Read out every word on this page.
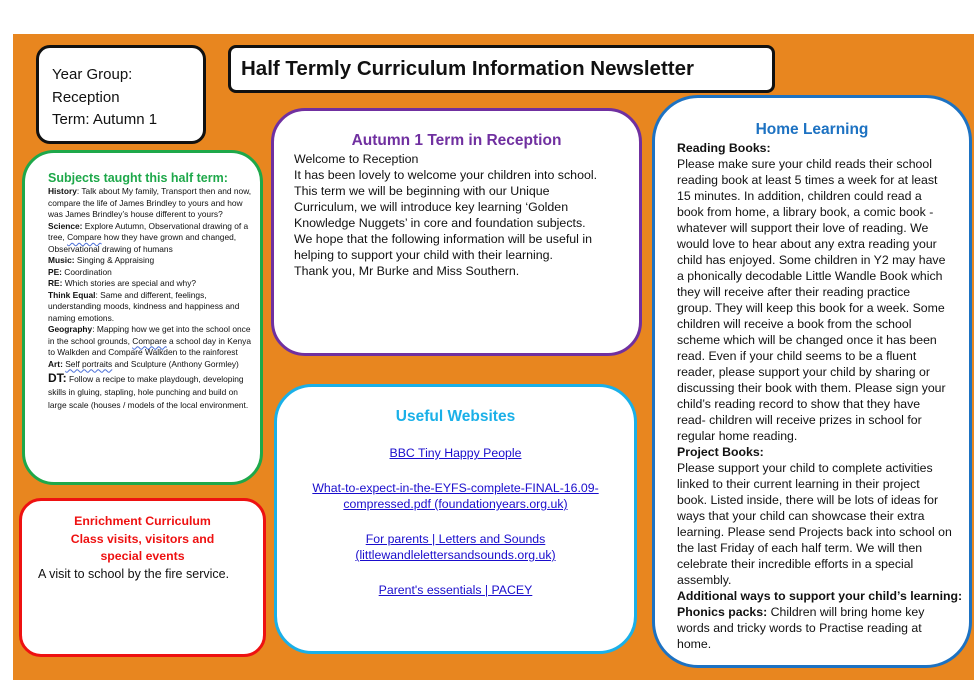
Year Group:
Reception
Term: Autumn 1
Half Termly Curriculum Information Newsletter
Subjects taught this half term:
History: Talk about My family, Transport then and now, compare the life of James Brindley to yours and how was James Brindley’s house different to yours?
Science: Explore Autumn, Observational drawing of a tree, Compare how they have grown and changed, Observational drawing of humans
Music: Singing & Appraising
PE: Coordination
RE: Which stories are special and why?
Think Equal: Same and different, feelings, understanding moods, kindness and happiness and naming emotions.
Geography: Mapping how we get into the school once in the school grounds, Compare a school day in Kenya to Walkden and Compare Walkden to the rainforest
Art: Self portraits and Sculpture (Anthony Gormley)
DT: Follow a recipe to make playdough, developing skills in gluing, stapling, hole punching and build on large scale (houses / models of the local environment.
Enrichment Curriculum
Class visits, visitors and special events
A visit to school by the fire service.
Autumn 1 Term in Reception

Welcome to Reception

It has been lovely to welcome your children into school.

This term we will be beginning with our Unique

Curriculum, we will introduce key learning ‘Golden

Knowledge Nuggets’ in core and foundation subjects.

We hope that the following information will be useful in

helping to support your child with their learning.

Thank you, Mr Burke and Miss Southern.

Useful Websites
BBC Tiny Happy People
What-to-expect-in-the-EYFS-complete-FINAL-16.09-
compressed.pdf (foundationyears.org.uk)
For parents | Letters and Sounds
(littlewandlelettersandsounds.org.uk)
Parent's essentials | PACEY
Home Learning

Reading Books:

Please make sure your child reads their school
reading book at least 5 times a week for at least
15 minutes. In addition, children could read a
book from home, a library book, a comic book -
whatever will support their love of reading. We
would love to hear about any extra reading your
child has enjoyed. Some children in Y2 may have
a phonically decodable Little Wandle Book which
they will receive after their reading practice
group. They will keep this book for a week. Some
children will receive a book from the school
scheme which will be changed once it has been
read. Even if your child seems to be a fluent
reader, please support your child by sharing or
discussing their book with them. Please sign your
child’s reading record to show that they have
read- children will receive prizes in school for
regular home reading.

Project Books:

Please support your child to complete activities
linked to their current learning in their project
book. Listed inside, there will be lots of ideas for
ways that your child can showcase their extra
learning. Please send Projects back into school on
the last Friday of each half term. We will then
celebrate their incredible efforts in a special
assembly.

Additional ways to support your child’s learning:

Phonics packs: Children will bring home key
words and tricky words to Practise reading at
home.
